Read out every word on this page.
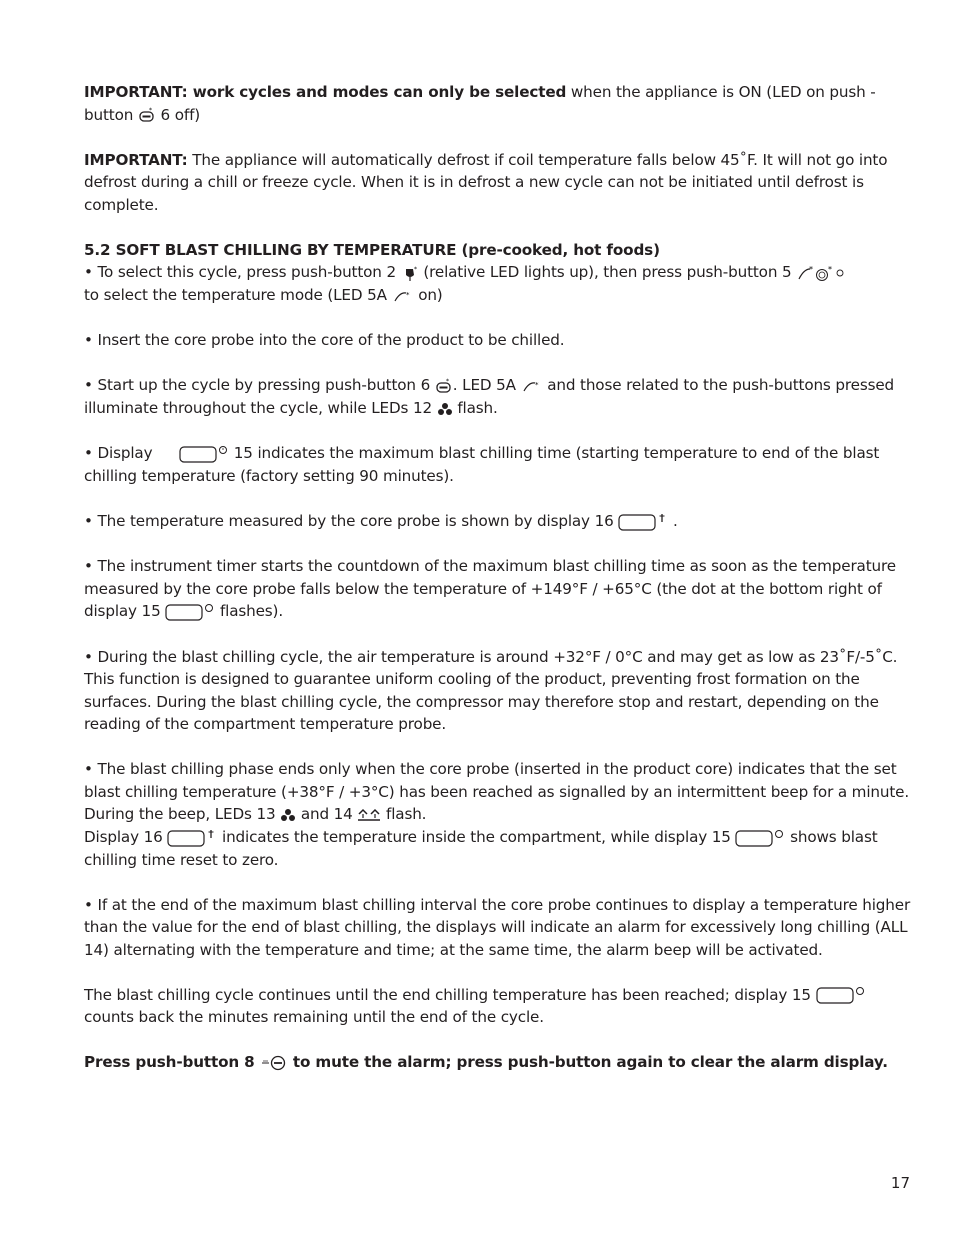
IMPORTANT: work cycles and modes can only be selected when the appliance is ON (LED on push -button * 6 off)

IMPORTANT: The appliance will automatically defrost if coil temperature falls below 45˚F. It will not go into defrost during a chill or freeze cycle. When it is in defrost a new cycle can not be initiated until defrost is complete.

5.2 SOFT BLAST CHILLING BY TEMPERATURE (pre-cooked, hot foods)
• To select this cycle, press push-button 2 * (relative LED lights up), then press push-button 5 * *

to select the temperature mode (LED 5A * on)

• Insert the core probe into the core of the product to be chilled.

• Start up the cycle by pressing push-button 6 * . LED 5A * and those related to the push-buttons pressed illuminate throughout the cycle, while LEDs 12  flash.

• Display	15 indicates the maximum blast chilling time (starting temperature to end of the blast chilling temperature (factory setting 90 minutes).

• The temperature measured by the core probe is shown by display 16	.

• The instrument timer starts the countdown of the maximum blast chilling time as soon as the temperature measured by the core probe falls below the temperature of +149°F / +65°C (the dot at the bottom right of display 15	flashes).

• During the blast chilling cycle, the air temperature is around +32°F / 0°C and may get as low as 23˚F/-5˚C. This function is designed to guarantee uniform cooling of the product, preventing frost formation on the surfaces. During the blast chilling cycle, the compressor may therefore stop and restart, depending on the reading of the compartment temperature probe.

• The blast chilling phase ends only when the core probe (inserted in the product core) indicates that the set blast chilling temperature (+38°F / +3°C) has been reached as signalled by an intermittent beep for a minute. During the beep, LEDs 13  and 14  flash.
Display 16	indicates the temperature inside the compartment, while display 15	shows blast chilling time reset to zero.

• If at the end of the maximum blast chilling interval the core probe continues to display a temperature higher than the value for the end of blast chilling, the displays will indicate an alarm for excessively long chilling (ALL 14) alternating with the temperature and time; at the same time, the alarm beep will be activated.

The blast chilling cycle continues until the end chilling temperature has been reached; display 15  counts back the minutes remaining until the end of the cycle.

Press push-button 8  to mute the alarm; press push-button again to clear the alarm display.

17
